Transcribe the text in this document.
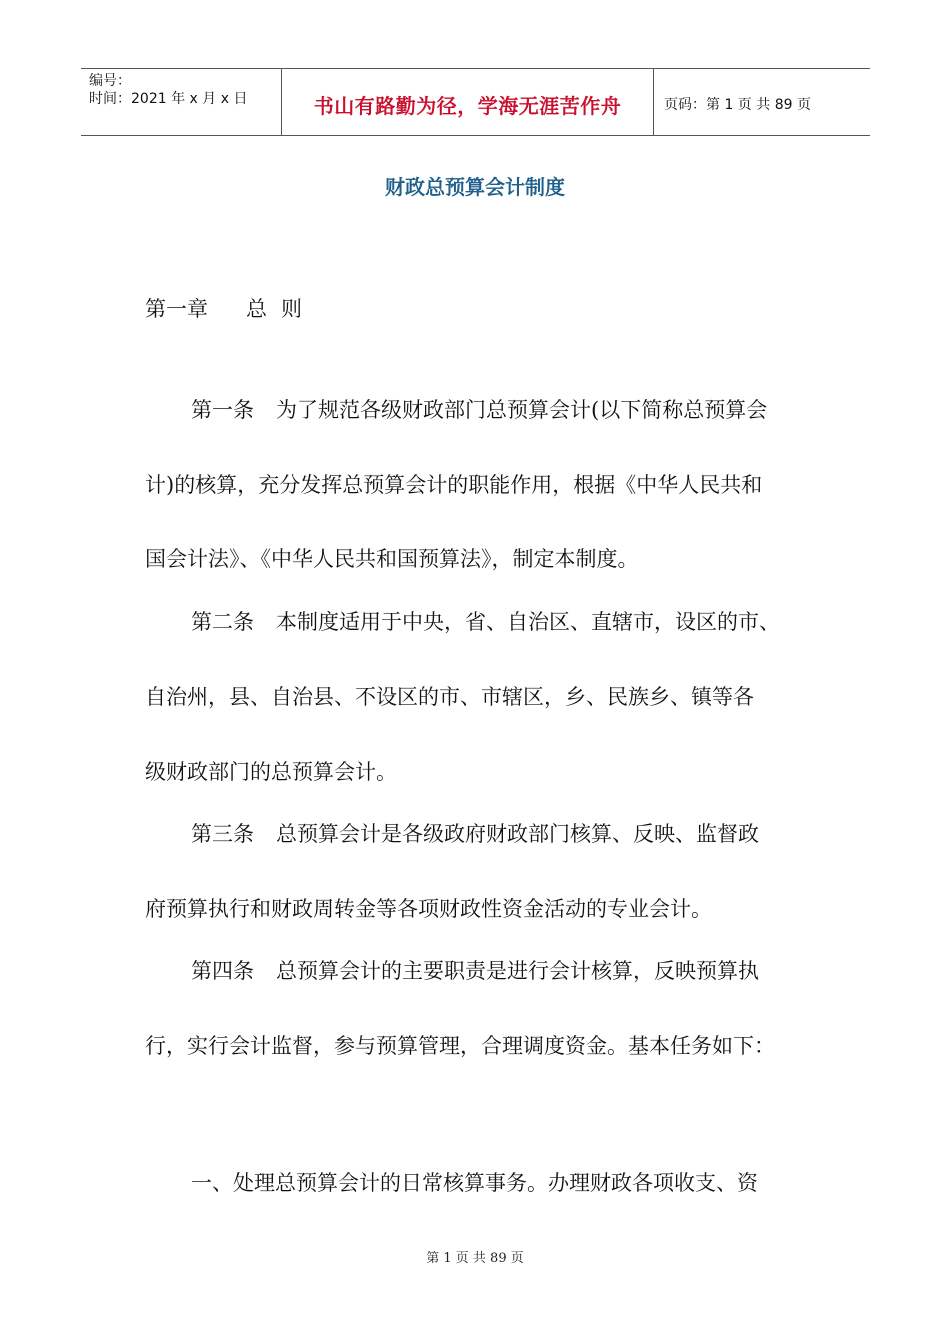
编号：
时间：2021 年 x 月 x 日	书山有路勤为径，学海无涯苦作舟	页码：第 1 页 共 89 页
财政总预算会计制度
第一章 总 则
第一条 为了规范各级财政部门总预算会计(以下简称总预算会
计)的核算，充分发挥总预算会计的职能作用，根据《中华人民共和
国会计法》、《中华人民共和国预算法》，制定本制度。
第二条 本制度适用于中央，省、自治区、直辖市，设区的市、
自治州，县、自治县、不设区的市、市辖区，乡、民族乡、镇等各
级财政部门的总预算会计。
第三条 总预算会计是各级政府财政部门核算、反映、监督政
府预算执行和财政周转金等各项财政性资金活动的专业会计。
第四条 总预算会计的主要职责是进行会计核算，反映预算执
行，实行会计监督，参与预算管理，合理调度资金。基本任务如下：
一、处理总预算会计的日常核算事务。办理财政各项收支、资
第 1 页 共 89 页
